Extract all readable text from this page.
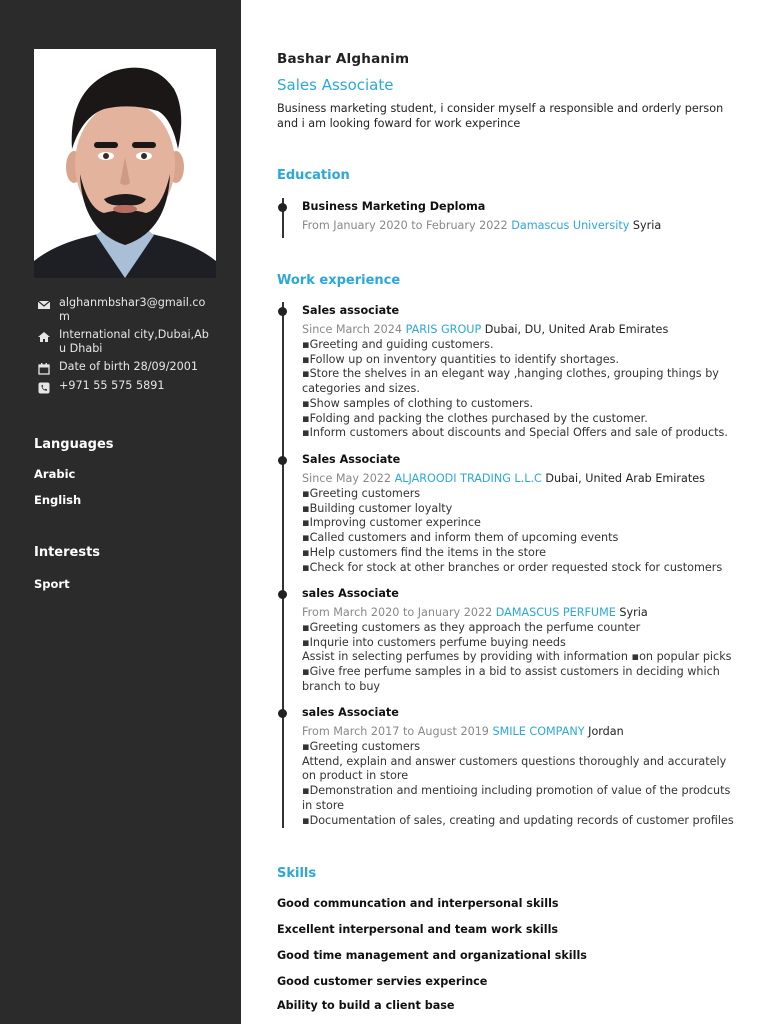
alghanmbshar3@gmail.com
International city,Dubai,Abu Dhabi
Date of birth 28/09/2001
+971 55 575 5891
Languages
Arabic
English
Interests
Sport
Bashar Alghanim
Sales Associate
Business marketing student, i consider myself a responsible and orderly person and i am looking foward for work experince
Education
Business Marketing Deploma
From January 2020 to February 2022 Damascus University Syria
Work experience
Sales associate
Since March 2024 PARIS GROUP Dubai, DU, United Arab Emirates
▪Greeting and guiding customers.
▪Follow up on inventory quantities to identify shortages.
▪Store the shelves in an elegant way ,hanging clothes, grouping things by categories and sizes.
▪Show samples of clothing to customers.
▪Folding and packing the clothes purchased by the customer.
▪Inform customers about discounts and Special Offers and sale of products.
Sales Associate
Since May 2022 ALJAROODI TRADING L.L.C Dubai, United Arab Emirates
▪Greeting customers
▪Building customer loyalty
▪Improving customer experince
▪Called customers and inform them of upcoming events
▪Help customers find the items in the store
▪Check for stock at other branches or order requested stock for customers
sales Associate
From March 2020 to January 2022 DAMASCUS PERFUME Syria
▪Greeting customers as they approach the perfume counter
▪Inqurie into customers perfume buying needs
Assist in selecting perfumes by providing with information ▪on popular picks
▪Give free perfume samples in a bid to assist customers in deciding which branch to buy
sales Associate
From March 2017 to August 2019 SMILE COMPANY Jordan
▪Greeting customers
Attend, explain and answer customers questions thoroughly and accurately on product in store
▪Demonstration and mentioing including promotion of value of the prodcuts in store
▪Documentation of sales, creating and updating records of customer profiles
Skills
Good communcation and interpersonal skills
Excellent interpersonal and team work skills
Good time management and organizational skills
Good customer servies experince
Ability to build a client base
